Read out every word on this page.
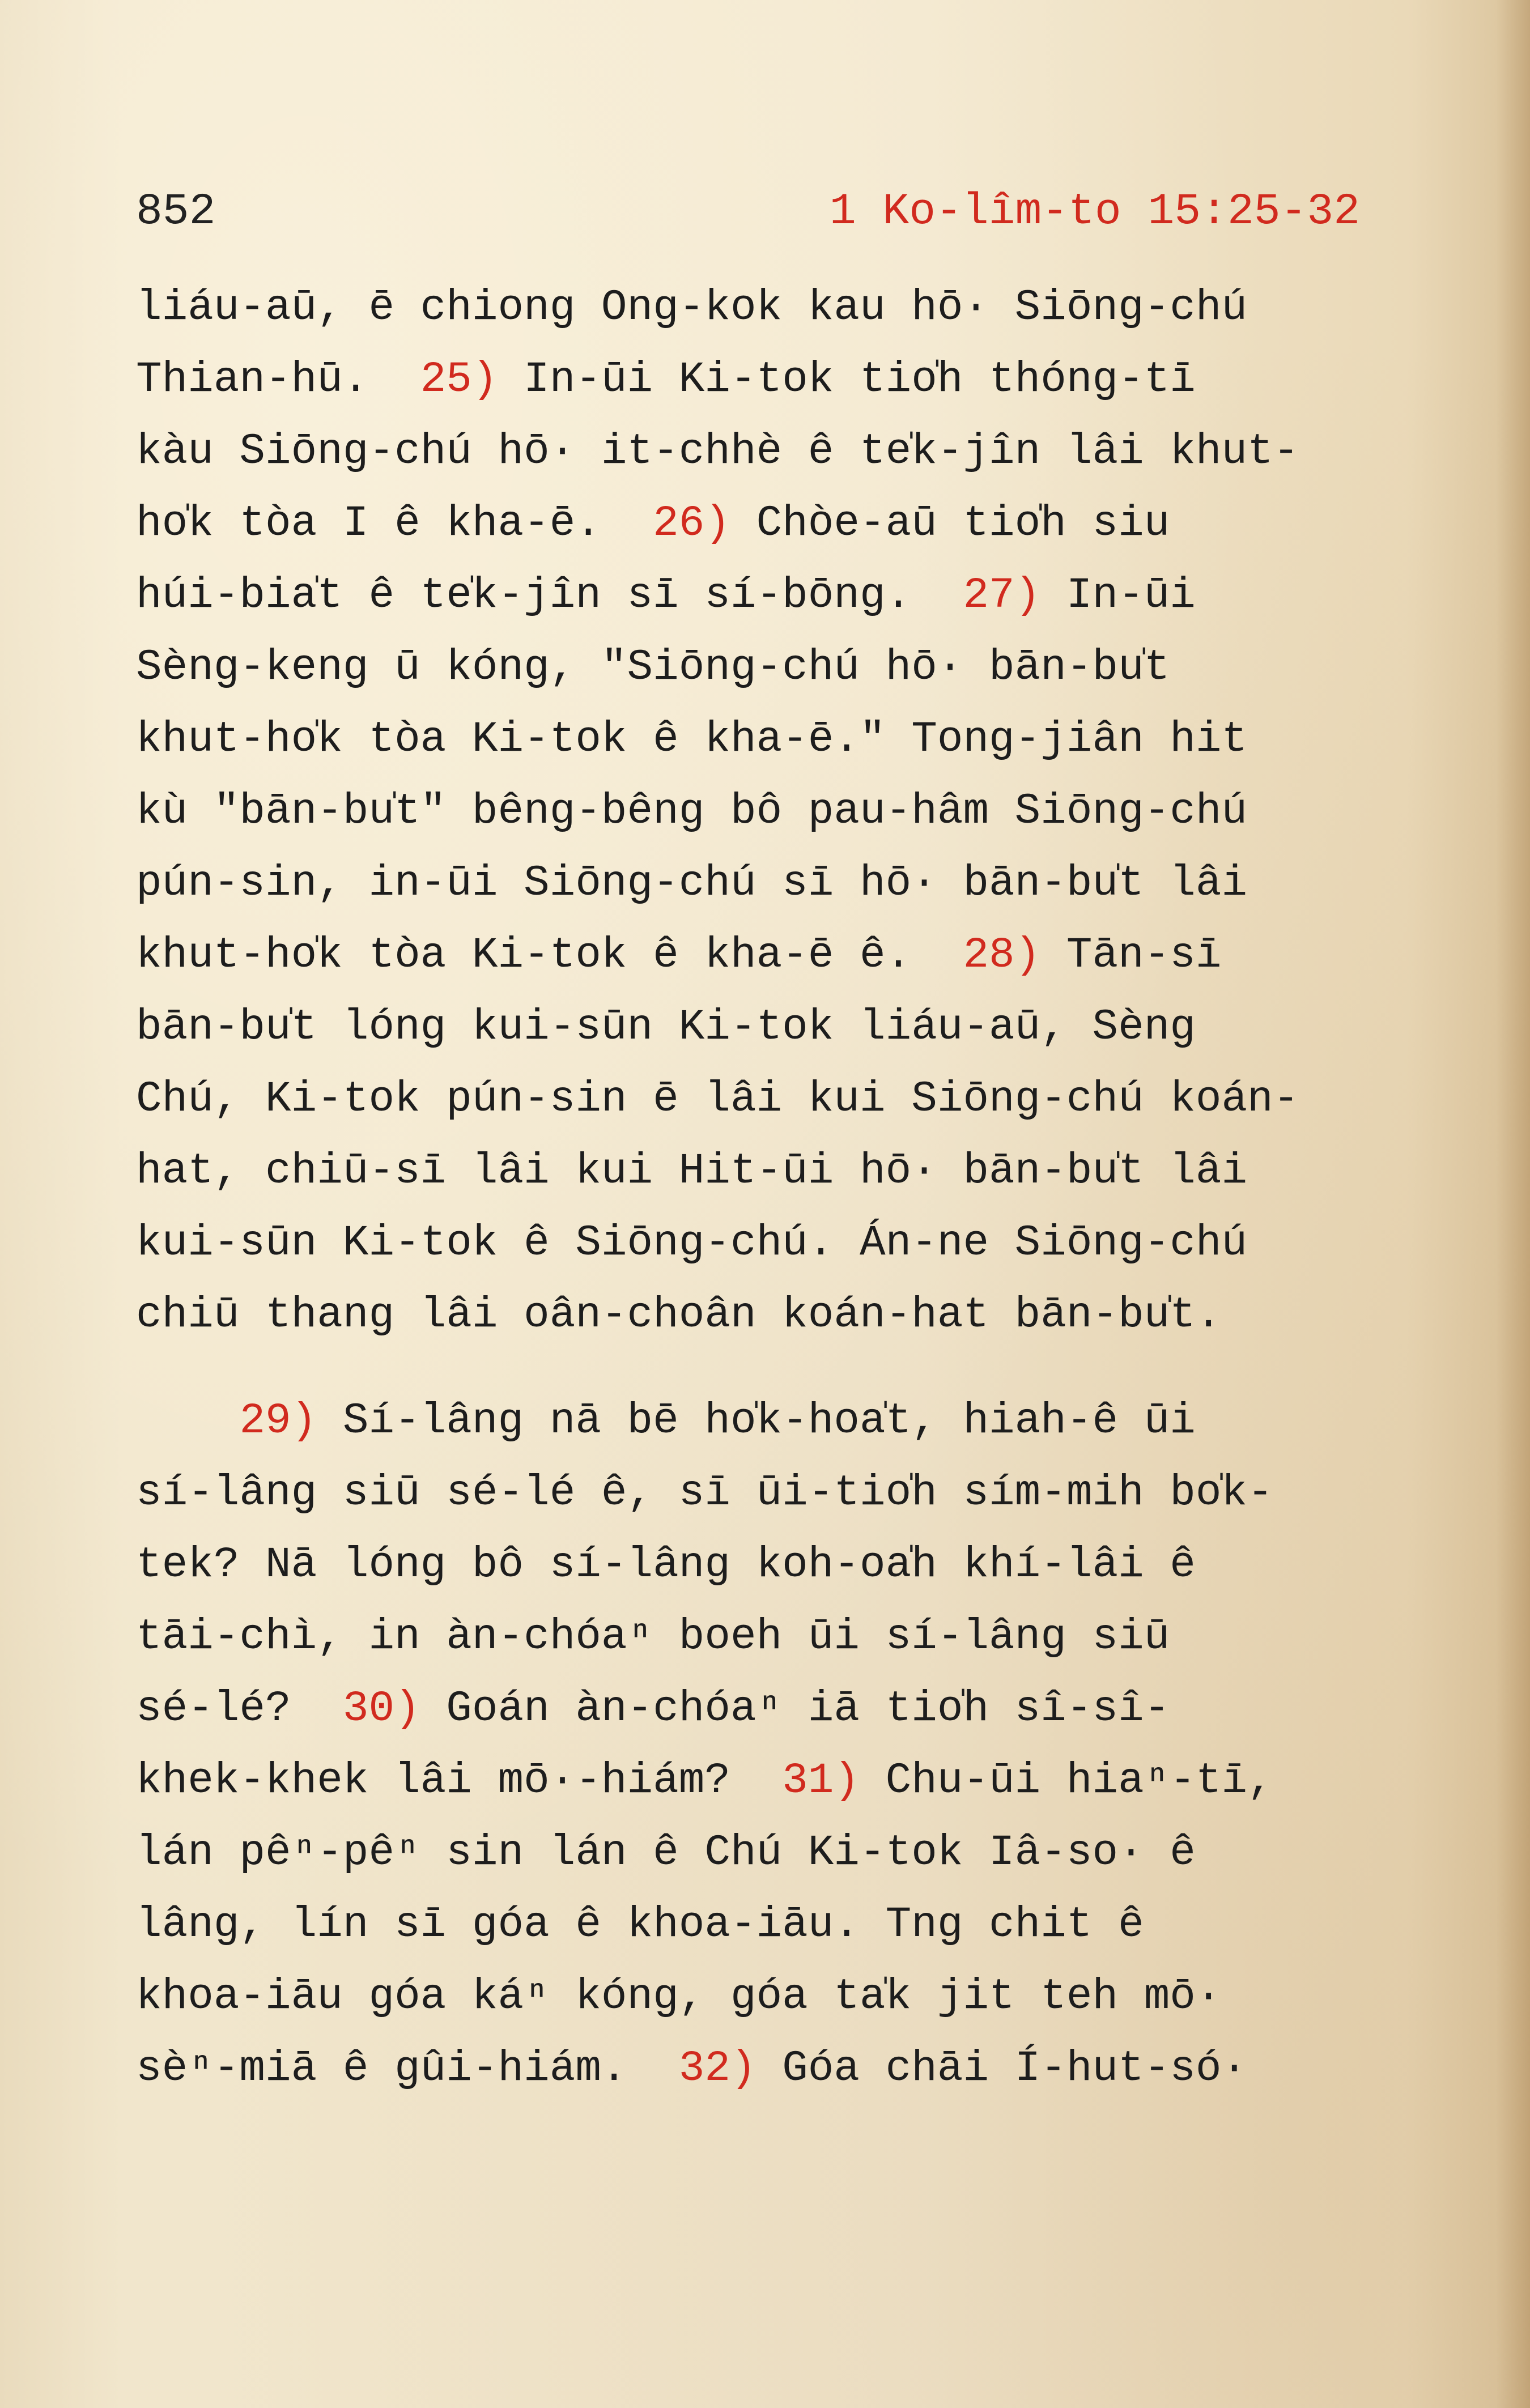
852	1 Ko-lîm-to 15:25-32
liáu-aū, ē chiong Ong-kok kau hō· Siōng-chú
Thian-hū.  25) In-ūi Ki-tok tio̍h thóng-tī
kàu Siōng-chú hō· it-chhè ê te̍k-jîn lâi khut-
ho̍k tòa I ê kha-ē.  26) Chòe-aū tio̍h siu
húi-bia̍t ê te̍k-jîn sī sí-bōng.  27) In-ūi
Sèng-keng ū kóng, "Siōng-chú hō· bān-bu̍t
khut-ho̍k tòa Ki-tok ê kha-ē." Tong-jiân hit
kù "bān-bu̍t" bêng-bêng bô pau-hâm Siōng-chú
pún-sin, in-ūi Siōng-chú sī hō· bān-bu̍t lâi
khut-ho̍k tòa Ki-tok ê kha-ē ê.  28) Tān-sī
bān-bu̍t lóng kui-sūn Ki-tok liáu-aū, Sèng
Chú, Ki-tok pún-sin ē lâi kui Siōng-chú koán-
hat, chiū-sī lâi kui Hit-ūi hō· bān-bu̍t lâi
kui-sūn Ki-tok ê Siōng-chú. Án-ne Siōng-chú
chiū thang lâi oân-choân koán-hat bān-bu̍t.
29) Sí-lâng nā bē ho̍k-hoa̍t, hiah-ê ūi
sí-lâng siū sé-lé ê, sī ūi-tio̍h sím-mih bo̍k-
tek? Nā lóng bô sí-lâng koh-oa̍h khí-lâi ê
tāi-chì, in àn-chóaⁿ boeh ūi sí-lâng siū
sé-lé?  30) Goán àn-chóaⁿ iā tio̍h sî-sî-
khek-khek lâi mō·-hiám?  31) Chu-ūi hiaⁿ-tī,
lán pêⁿ-pêⁿ sin lán ê Chú Ki-tok Iâ-so· ê
lâng, lín sī góa ê khoa-iāu. Tng chit ê
khoa-iāu góa káⁿ kóng, góa ta̍k jit teh mō·
sèⁿ-miā ê gûi-hiám.  32) Góa chāi Í-hut-só·
